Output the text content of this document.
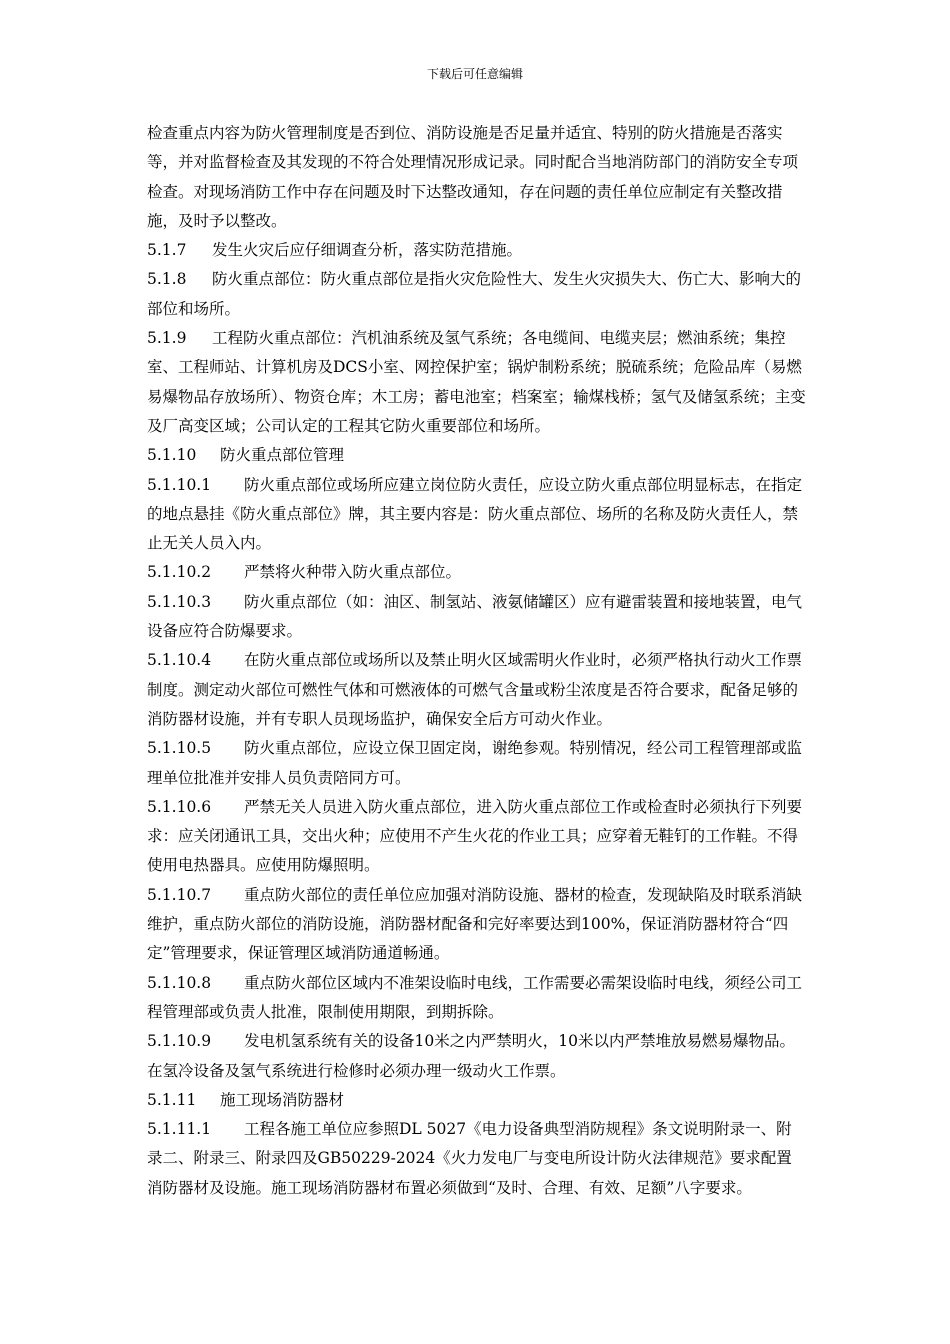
下载后可任意编辑

检查重点内容为防火管理制度是否到位、消防设施是否足量并适宜、特别的防火措施是否落实等，并对监督检查及其发现的不符合处理情况形成记录。同时配合当地消防部门的消防安全专项检查。对现场消防工作中存在问题及时下达整改通知，存在问题的责任单位应制定有关整改措施，及时予以整改。

5.1.7 发生火灾后应仔细调查分析，落实防范措施。

5.1.8 防火重点部位：防火重点部位是指火灾危险性大、发生火灾损失大、伤亡大、影响大的部位和场所。

5.1.9 工程防火重点部位：汽机油系统及氢气系统；各电缆间、电缆夹层；燃油系统；集控室、工程师站、计算机房及DCS小室、网控保护室；锅炉制粉系统；脱硫系统；危险品库（易燃易爆物品存放场所）、物资仓库；木工房；蓄电池室；档案室；输煤栈桥；氢气及储氢系统；主变及厂高变区域；公司认定的工程其它防火重要部位和场所。

5.1.10 防火重点部位管理

5.1.10.1 防火重点部位或场所应建立岗位防火责任，应设立防火重点部位明显标志，在指定的地点悬挂《防火重点部位》牌，其主要内容是：防火重点部位、场所的名称及防火责任人，禁止无关人员入内。

5.1.10.2 严禁将火种带入防火重点部位。

5.1.10.3 防火重点部位（如：油区、制氢站、液氨储罐区）应有避雷装置和接地装置，电气设备应符合防爆要求。

5.1.10.4 在防火重点部位或场所以及禁止明火区域需明火作业时，必须严格执行动火工作票制度。测定动火部位可燃性气体和可燃液体的可燃气含量或粉尘浓度是否符合要求，配备足够的消防器材设施，并有专职人员现场监护，确保安全后方可动火作业。

5.1.10.5 防火重点部位，应设立保卫固定岗，谢绝参观。特别情况，经公司工程管理部或监理单位批准并安排人员负责陪同方可。

5.1.10.6 严禁无关人员进入防火重点部位，进入防火重点部位工作或检查时必须执行下列要求：应关闭通讯工具，交出火种；应使用不产生火花的作业工具；应穿着无鞋钉的工作鞋。不得使用电热器具。应使用防爆照明。

5.1.10.7 重点防火部位的责任单位应加强对消防设施、器材的检查，发现缺陷及时联系消缺维护，重点防火部位的消防设施，消防器材配备和完好率要达到100%，保证消防器材符合“四定”管理要求，保证管理区域消防通道畅通。

5.1.10.8 重点防火部位区域内不准架设临时电线，工作需要必需架设临时电线，须经公司工程管理部或负责人批准，限制使用期限，到期拆除。

5.1.10.9 发电机氢系统有关的设备10米之内严禁明火，10米以内严禁堆放易燃易爆物品。在氢冷设备及氢气系统进行检修时必须办理一级动火工作票。

5.1.11 施工现场消防器材

5.1.11.1 工程各施工单位应参照DL 5027《电力设备典型消防规程》条文说明附录一、附录二、附录三、附录四及GB50229-2024《火力发电厂与变电所设计防火法律规范》要求配置消防器材及设施。施工现场消防器材布置必须做到“及时、合理、有效、足额”八字要求。
